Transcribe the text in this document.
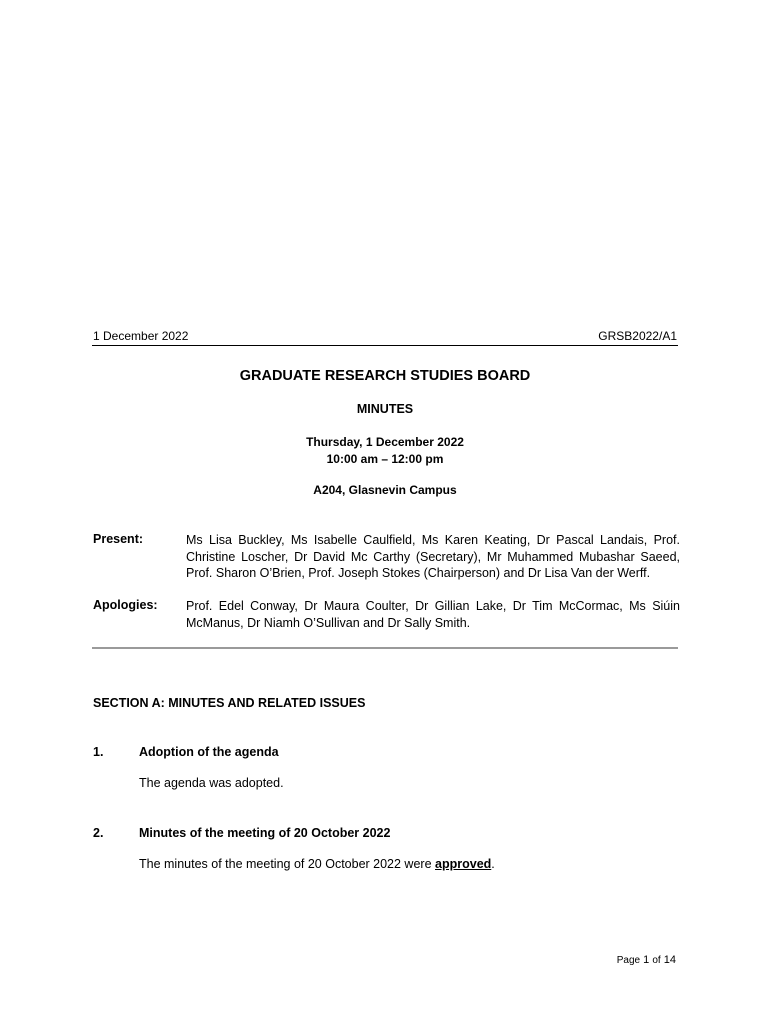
1 December 2022	GRSB2022/A1
GRADUATE RESEARCH STUDIES BOARD
MINUTES
Thursday, 1 December 2022
10:00 am – 12:00 pm
A204, Glasnevin Campus
Present:	Ms Lisa Buckley, Ms Isabelle Caulfield, Ms Karen Keating, Dr Pascal Landais, Prof. Christine Loscher, Dr David Mc Carthy (Secretary), Mr Muhammed Mubashar Saeed, Prof. Sharon O’Brien, Prof. Joseph Stokes (Chairperson) and Dr Lisa Van der Werff.
Apologies: Prof. Edel Conway, Dr Maura Coulter, Dr Gillian Lake, Dr Tim McCormac, Ms Siúin McManus, Dr Niamh O’Sullivan and Dr Sally Smith.
SECTION A: MINUTES AND RELATED ISSUES
1.	Adoption of the agenda
The agenda was adopted.
2.	Minutes of the meeting of 20 October 2022
The minutes of the meeting of 20 October 2022 were approved.
Page 1 of 14
